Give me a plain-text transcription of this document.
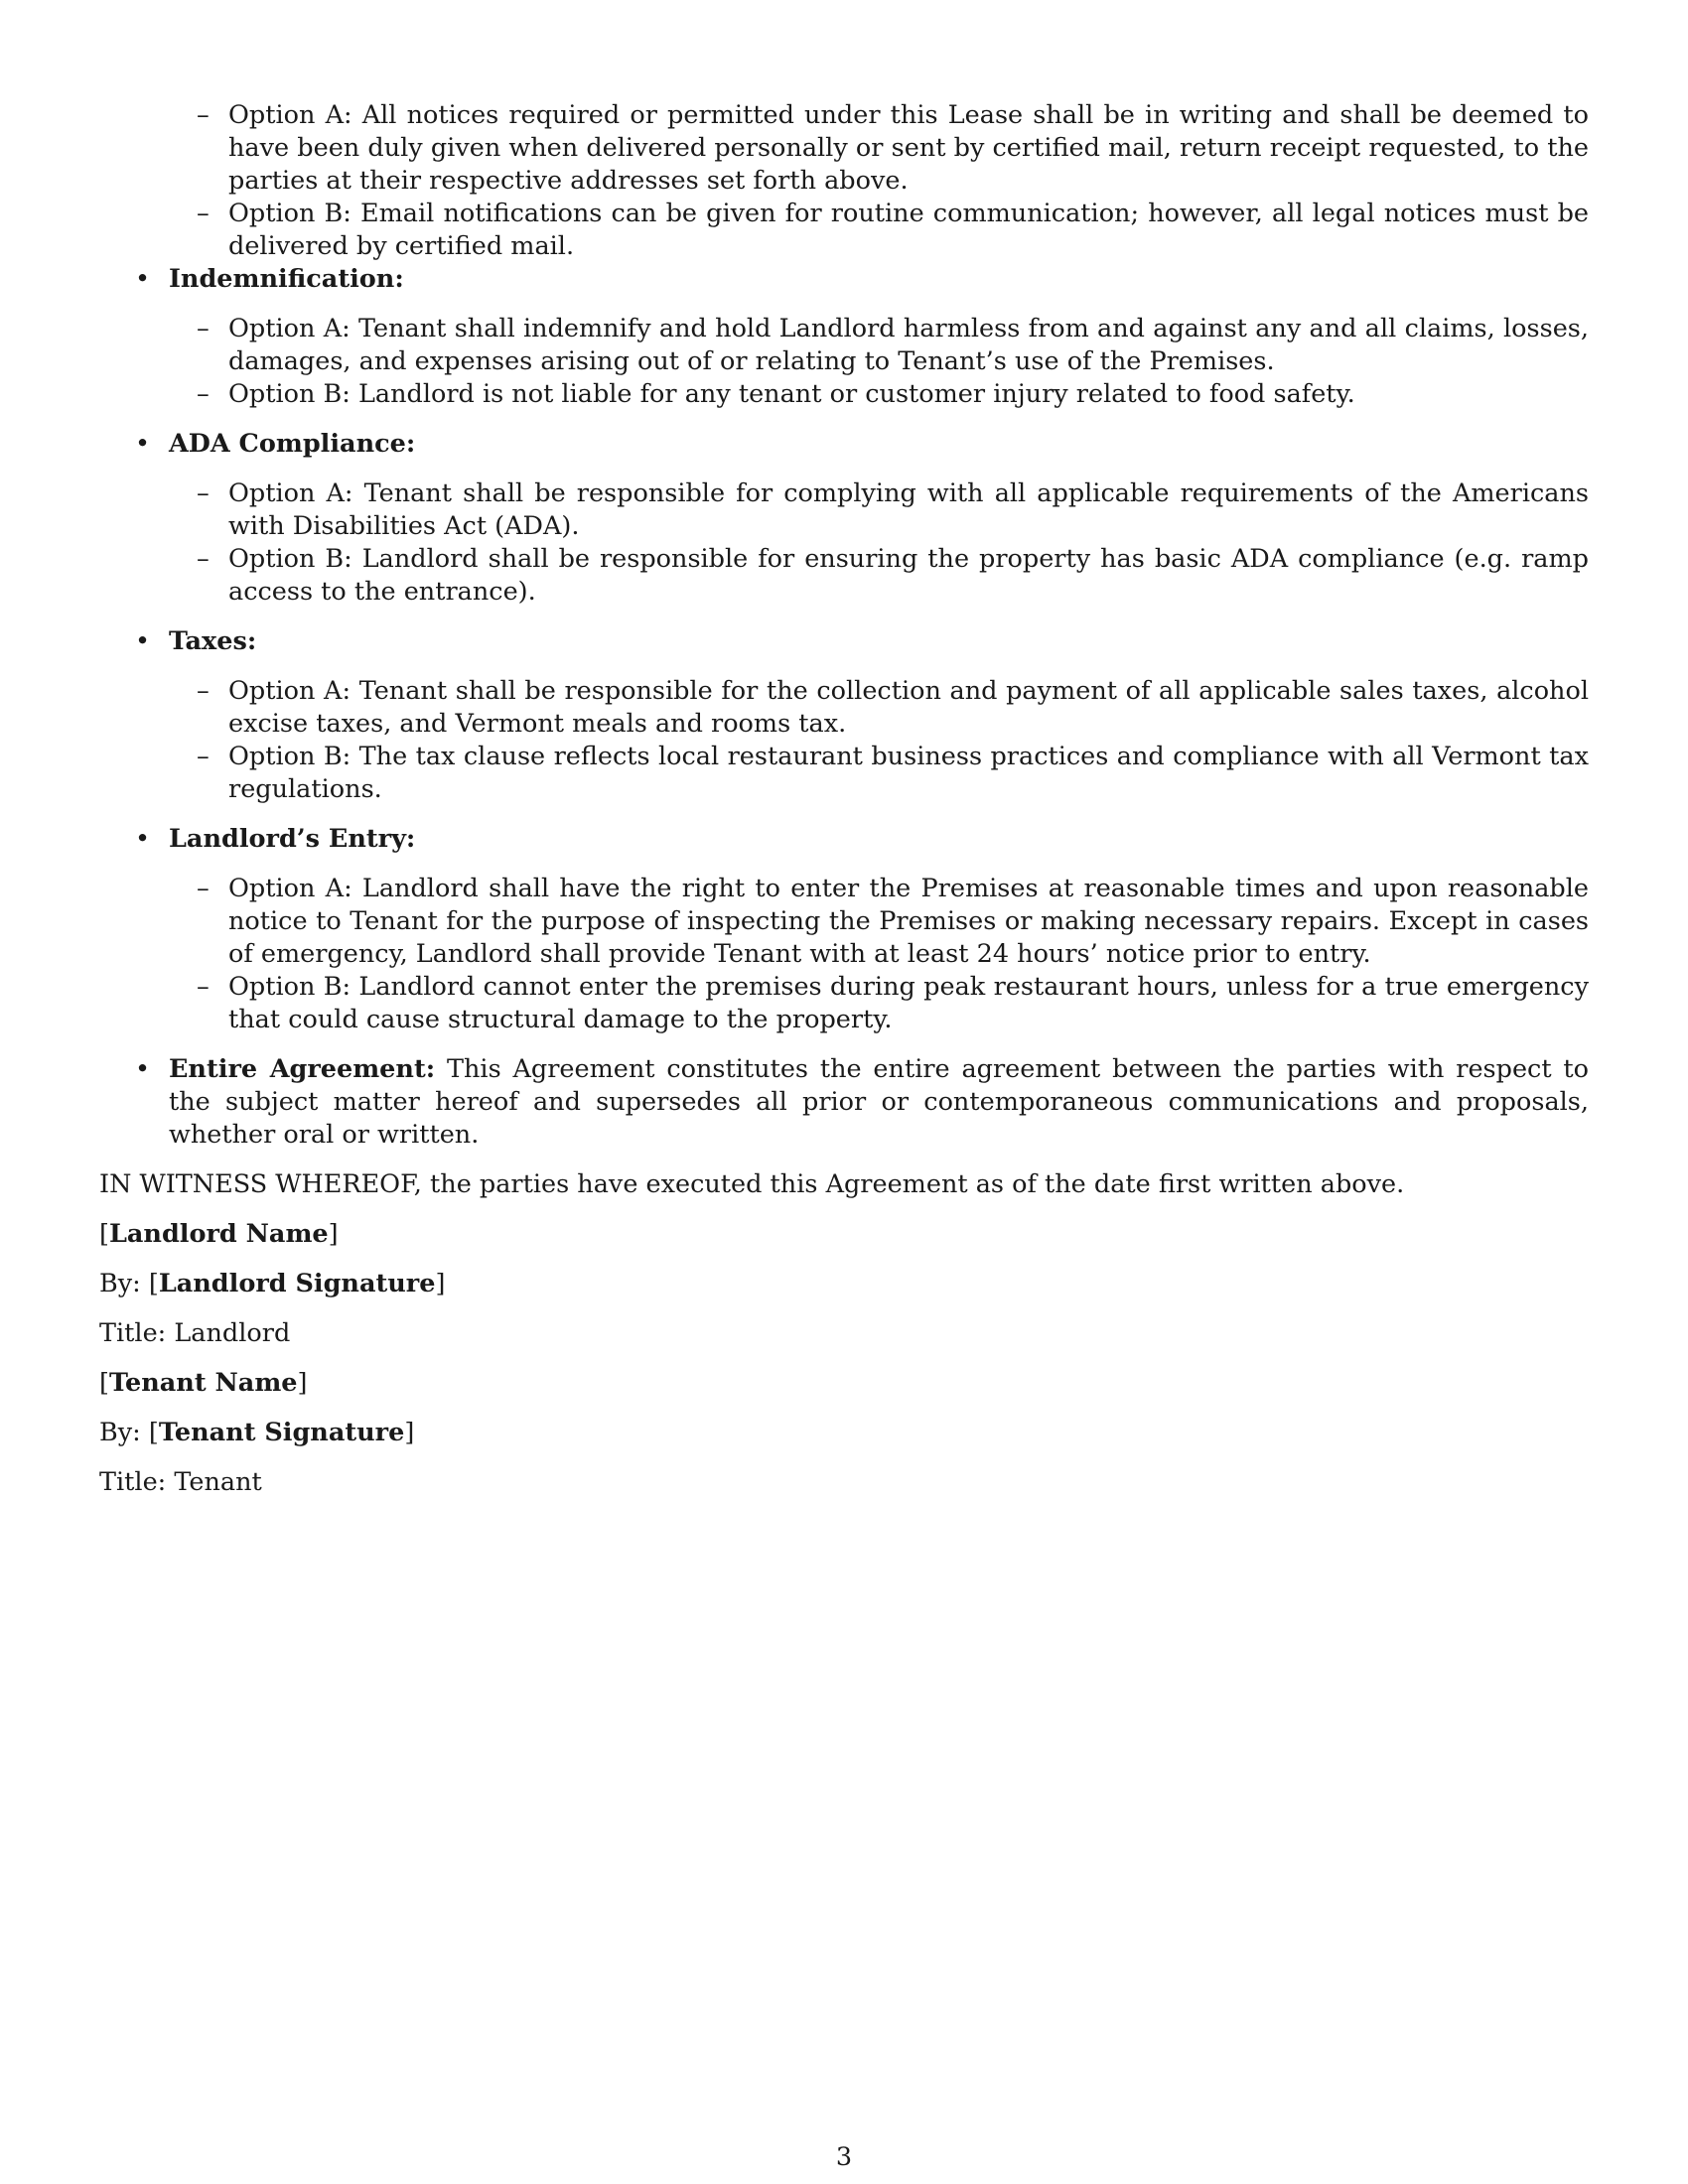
– Option A: All notices required or permitted under this Lease shall be in writing and shall be deemed to have been duly given when delivered personally or sent by certified mail, return receipt requested, to the parties at their respective addresses set forth above.
– Option B: Email notifications can be given for routine communication; however, all legal notices must be delivered by certified mail.
• Indemnification:
– Option A: Tenant shall indemnify and hold Landlord harmless from and against any and all claims, losses, damages, and expenses arising out of or relating to Tenant’s use of the Premises.
– Option B: Landlord is not liable for any tenant or customer injury related to food safety.
• ADA Compliance:
– Option A: Tenant shall be responsible for complying with all applicable requirements of the Americans with Disabilities Act (ADA).
– Option B: Landlord shall be responsible for ensuring the property has basic ADA compliance (e.g. ramp access to the entrance).
• Taxes:
– Option A: Tenant shall be responsible for the collection and payment of all applicable sales taxes, alcohol excise taxes, and Vermont meals and rooms tax.
– Option B: The tax clause reflects local restaurant business practices and compliance with all Vermont tax regulations.
• Landlord’s Entry:
– Option A: Landlord shall have the right to enter the Premises at reasonable times and upon reasonable notice to Tenant for the purpose of inspecting the Premises or making necessary repairs. Except in cases of emergency, Landlord shall provide Tenant with at least 24 hours’ notice prior to entry.
– Option B: Landlord cannot enter the premises during peak restaurant hours, unless for a true emergency that could cause structural damage to the property.
• Entire Agreement: This Agreement constitutes the entire agreement between the parties with respect to the subject matter hereof and supersedes all prior or contemporaneous communications and proposals, whether oral or written.

IN WITNESS WHEREOF, the parties have executed this Agreement as of the date first written above.

[Landlord Name]

By: [Landlord Signature]

Title: Landlord

[Tenant Name]

By: [Tenant Signature]

Title: Tenant

3
